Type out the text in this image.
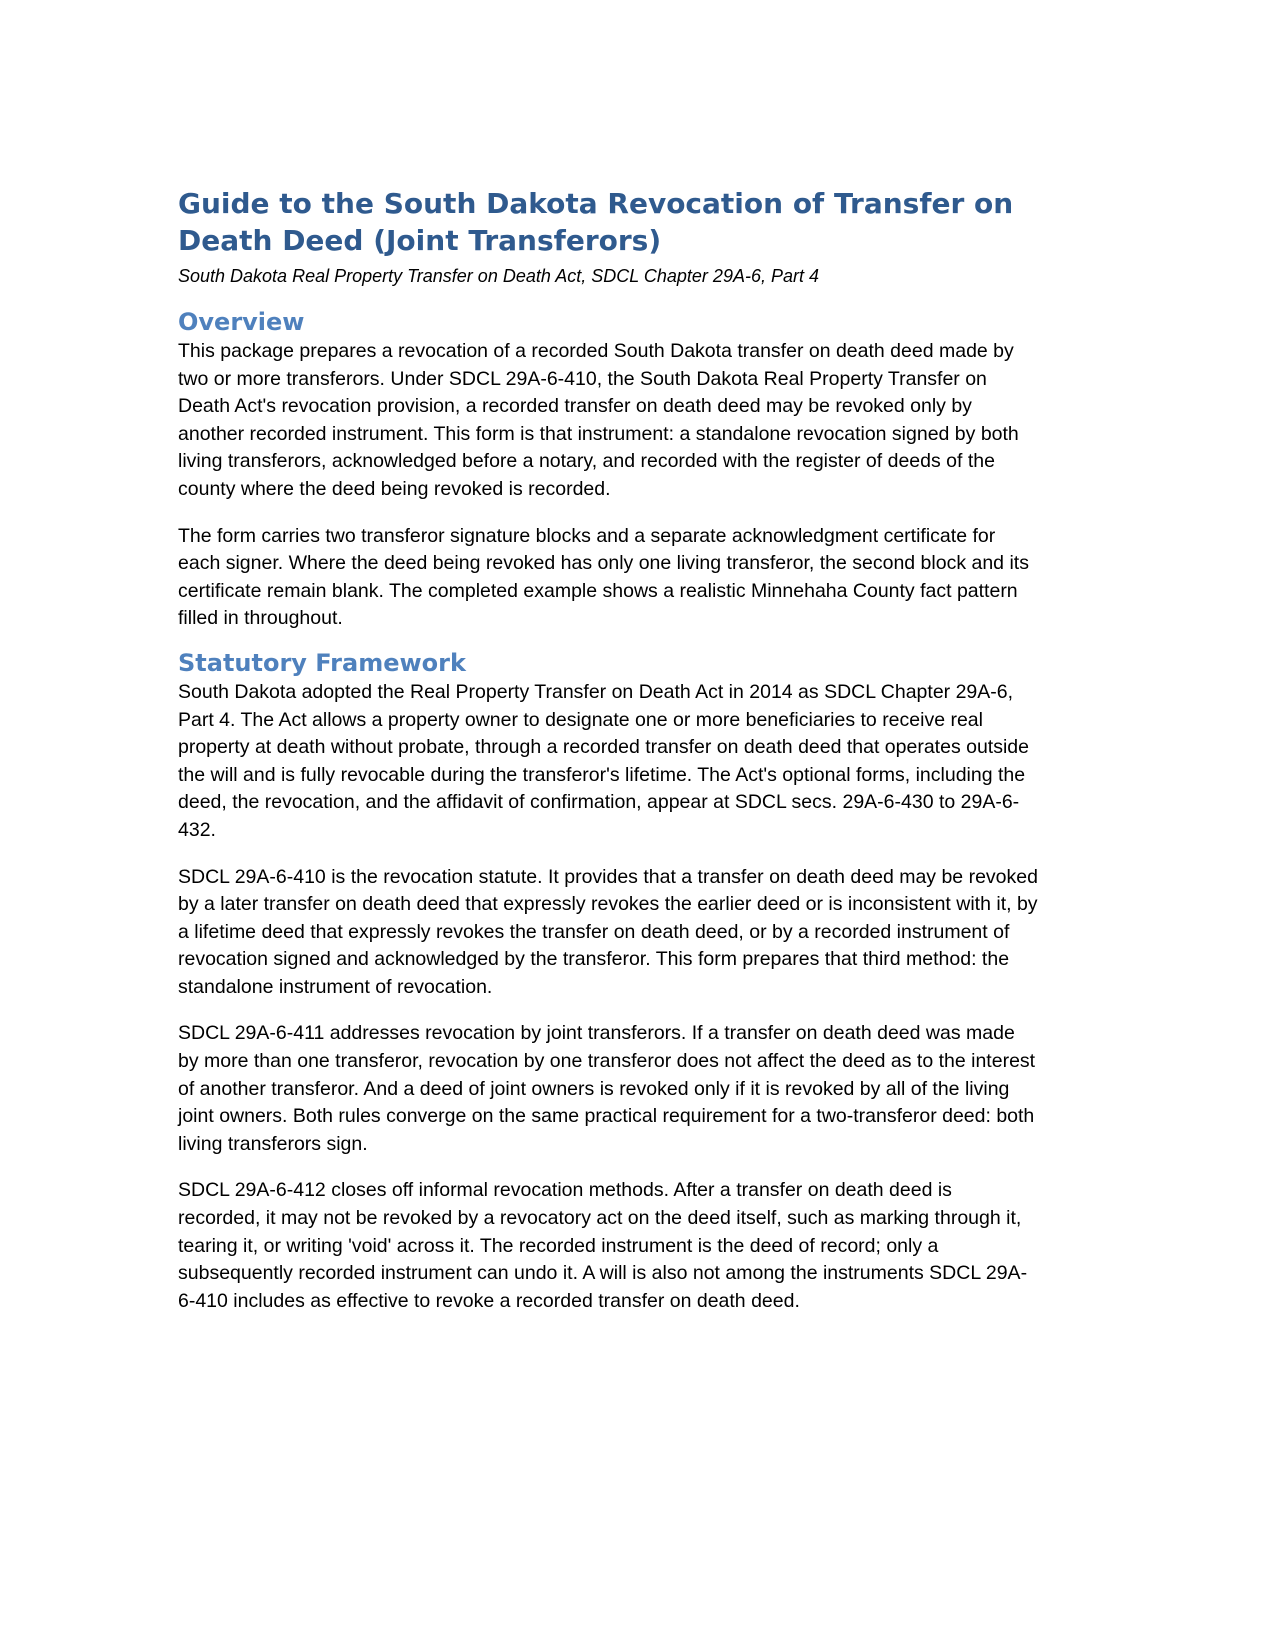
Guide to the South Dakota Revocation of Transfer on Death Deed (Joint Transferors)

South Dakota Real Property Transfer on Death Act, SDCL Chapter 29A-6, Part 4

Overview

This package prepares a revocation of a recorded South Dakota transfer on death deed made by two or more transferors. Under SDCL 29A-6-410, the South Dakota Real Property Transfer on Death Act's revocation provision, a recorded transfer on death deed may be revoked only by another recorded instrument. This form is that instrument: a standalone revocation signed by both living transferors, acknowledged before a notary, and recorded with the register of deeds of the county where the deed being revoked is recorded.

The form carries two transferor signature blocks and a separate acknowledgment certificate for each signer. Where the deed being revoked has only one living transferor, the second block and its certificate remain blank. The completed example shows a realistic Minnehaha County fact pattern filled in throughout.

Statutory Framework

South Dakota adopted the Real Property Transfer on Death Act in 2014 as SDCL Chapter 29A-6, Part 4. The Act allows a property owner to designate one or more beneficiaries to receive real property at death without probate, through a recorded transfer on death deed that operates outside the will and is fully revocable during the transferor's lifetime. The Act's optional forms, including the deed, the revocation, and the affidavit of confirmation, appear at SDCL secs. 29A-6-430 to 29A-6-432.

SDCL 29A-6-410 is the revocation statute. It provides that a transfer on death deed may be revoked by a later transfer on death deed that expressly revokes the earlier deed or is inconsistent with it, by a lifetime deed that expressly revokes the transfer on death deed, or by a recorded instrument of revocation signed and acknowledged by the transferor. This form prepares that third method: the standalone instrument of revocation.

SDCL 29A-6-411 addresses revocation by joint transferors. If a transfer on death deed was made by more than one transferor, revocation by one transferor does not affect the deed as to the interest of another transferor. And a deed of joint owners is revoked only if it is revoked by all of the living joint owners. Both rules converge on the same practical requirement for a two-transferor deed: both living transferors sign.

SDCL 29A-6-412 closes off informal revocation methods. After a transfer on death deed is recorded, it may not be revoked by a revocatory act on the deed itself, such as marking through it, tearing it, or writing 'void' across it. The recorded instrument is the deed of record; only a subsequently recorded instrument can undo it. A will is also not among the instruments SDCL 29A-6-410 includes as effective to revoke a recorded transfer on death deed.
